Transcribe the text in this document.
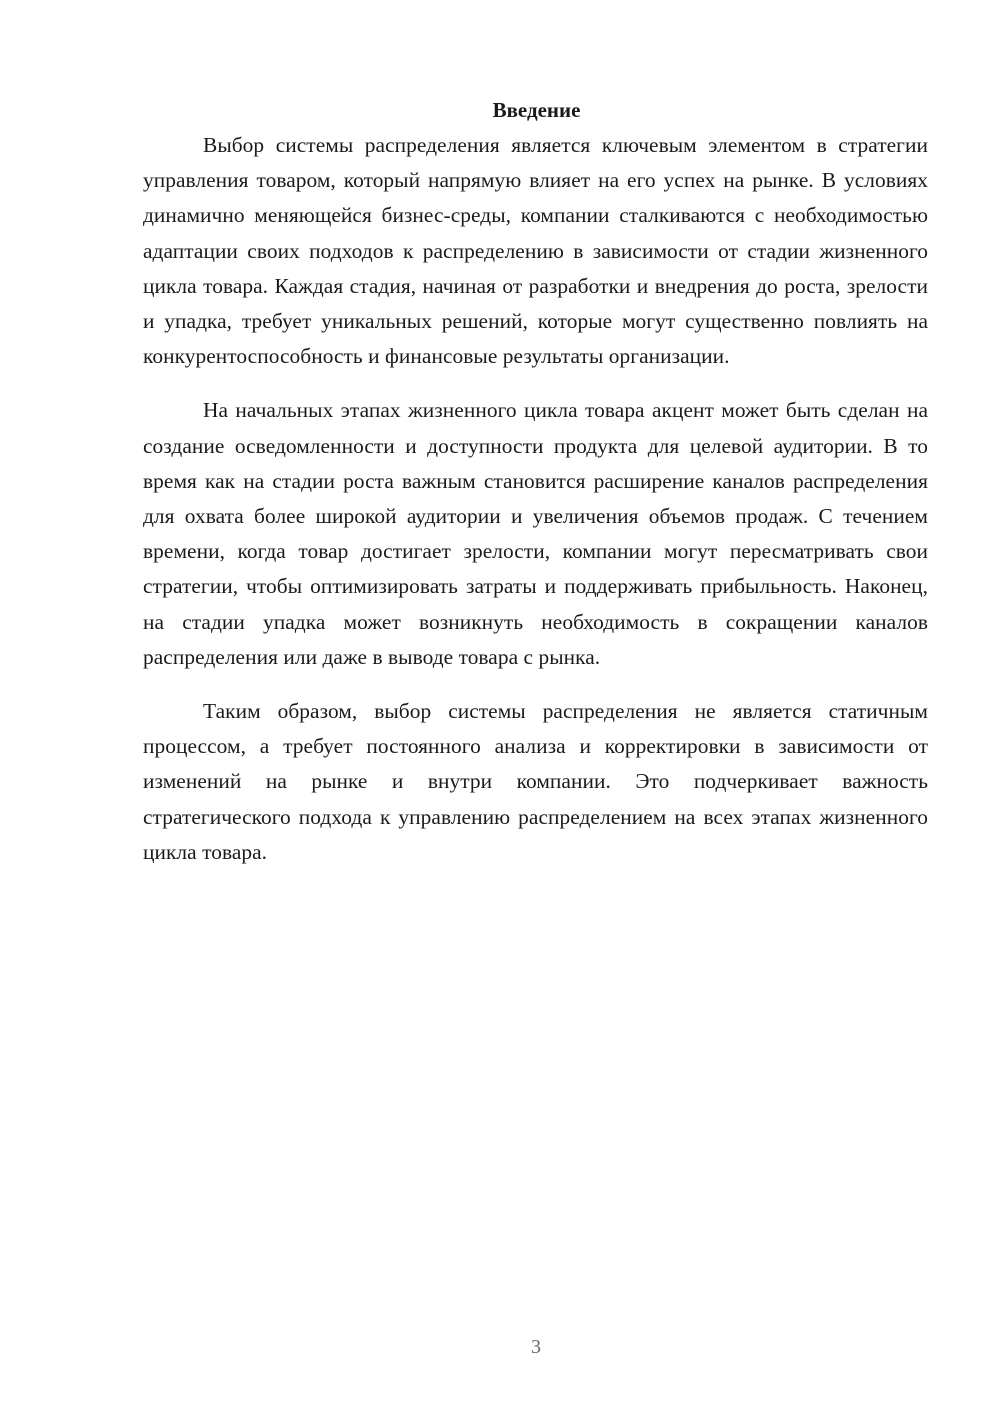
Введение

Выбор системы распределения является ключевым элементом в стратегии управления товаром, который напрямую влияет на его успех на рынке. В условиях динамично меняющейся бизнес-среды, компании сталкиваются с необходимостью адаптации своих подходов к распределению в зависимости от стадии жизненного цикла товара. Каждая стадия, начиная от разработки и внедрения до роста, зрелости и упадка, требует уникальных решений, которые могут существенно повлиять на конкурентоспособность и финансовые результаты организации.

На начальных этапах жизненного цикла товара акцент может быть сделан на создание осведомленности и доступности продукта для целевой аудитории. В то время как на стадии роста важным становится расширение каналов распределения для охвата более широкой аудитории и увеличения объемов продаж. С течением времени, когда товар достигает зрелости, компании могут пересматривать свои стратегии, чтобы оптимизировать затраты и поддерживать прибыльность. Наконец, на стадии упадка может возникнуть необходимость в сокращении каналов распределения или даже в выводе товара с рынка.

Таким образом, выбор системы распределения не является статичным процессом, а требует постоянного анализа и корректировки в зависимости от изменений на рынке и внутри компании. Это подчеркивает важность стратегического подхода к управлению распределением на всех этапах жизненного цикла товара.

3
